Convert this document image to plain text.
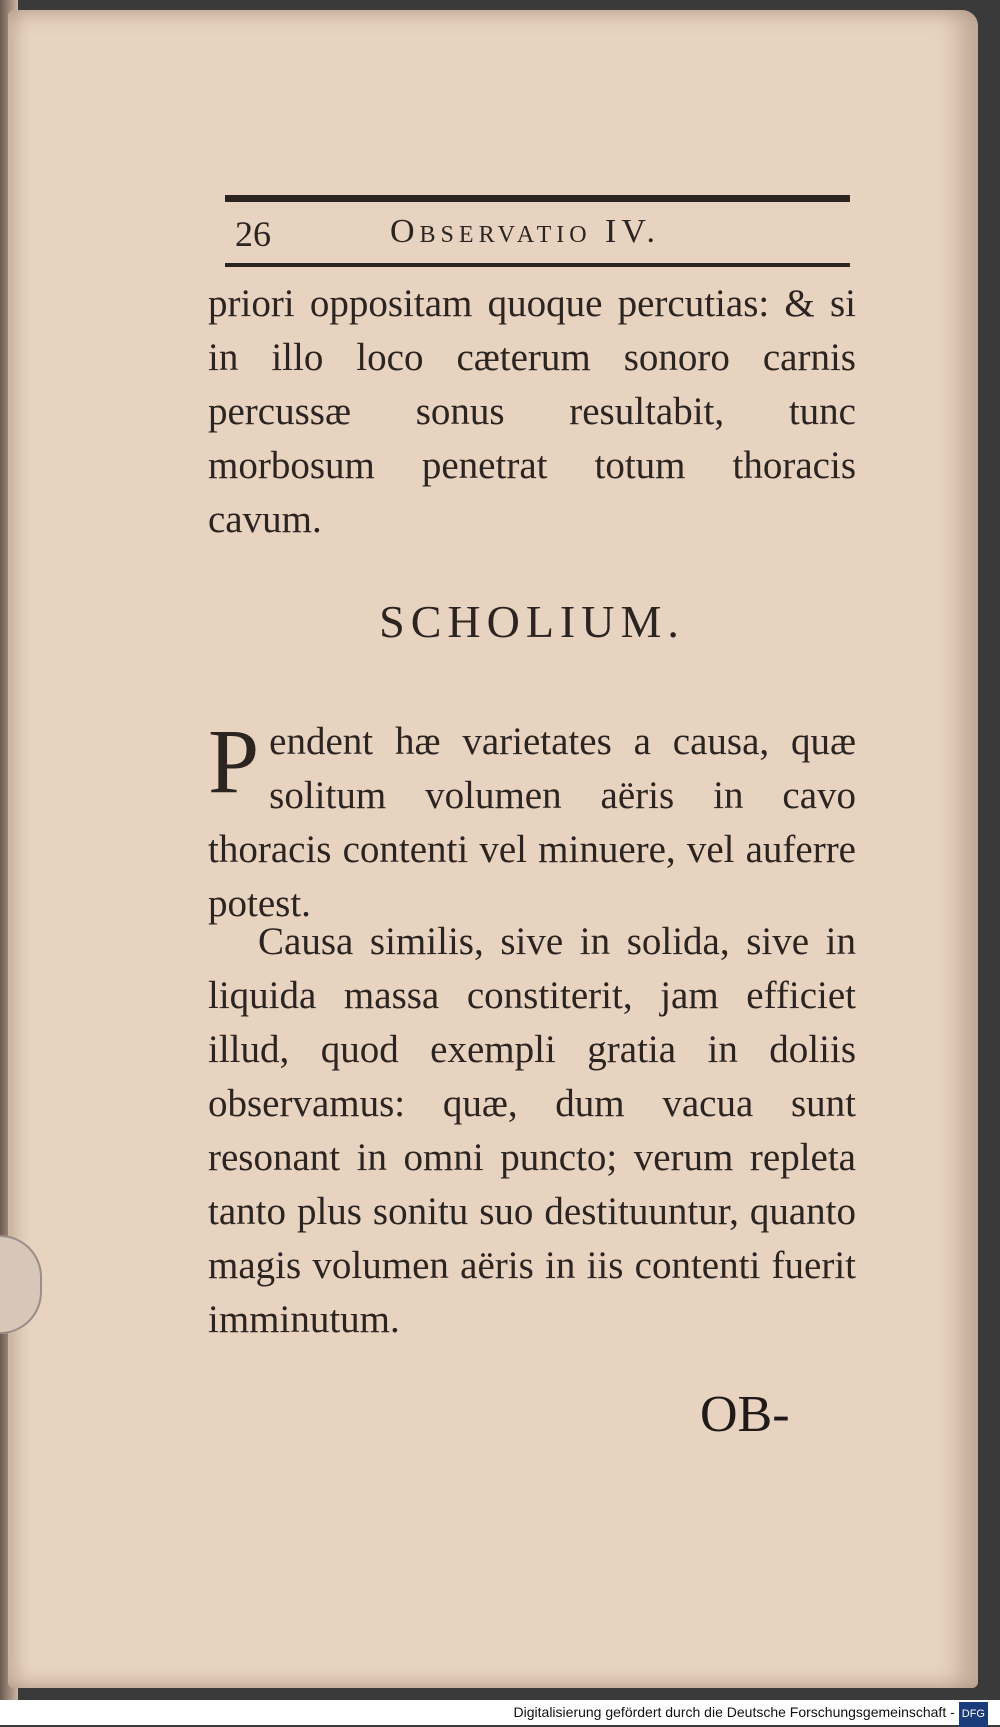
26	Observatio IV.
priori oppositam quoque percutias: & si in illo loco cæterum sonoro carnis percussæ sonus resultabit, tunc morbosum penetrat totum thoracis cavum.
SCHOLIUM.
Pendent hæ varietates a causa, quæ solitum volumen aëris in cavo thoracis contenti vel minuere, vel auferre potest.
Causa similis, sive in solida, sive in liquida massa constiterit, jam efficiet illud, quod exempli gratia in doliis observamus: quæ, dum vacua sunt resonant in omni puncto; verum repleta tanto plus sonitu suo destituuntur, quanto magis volumen aëris in iis contenti fuerit imminutum.
OB-
Digitalisierung gefördert durch die Deutsche Forschungsgemeinschaft - DFG
